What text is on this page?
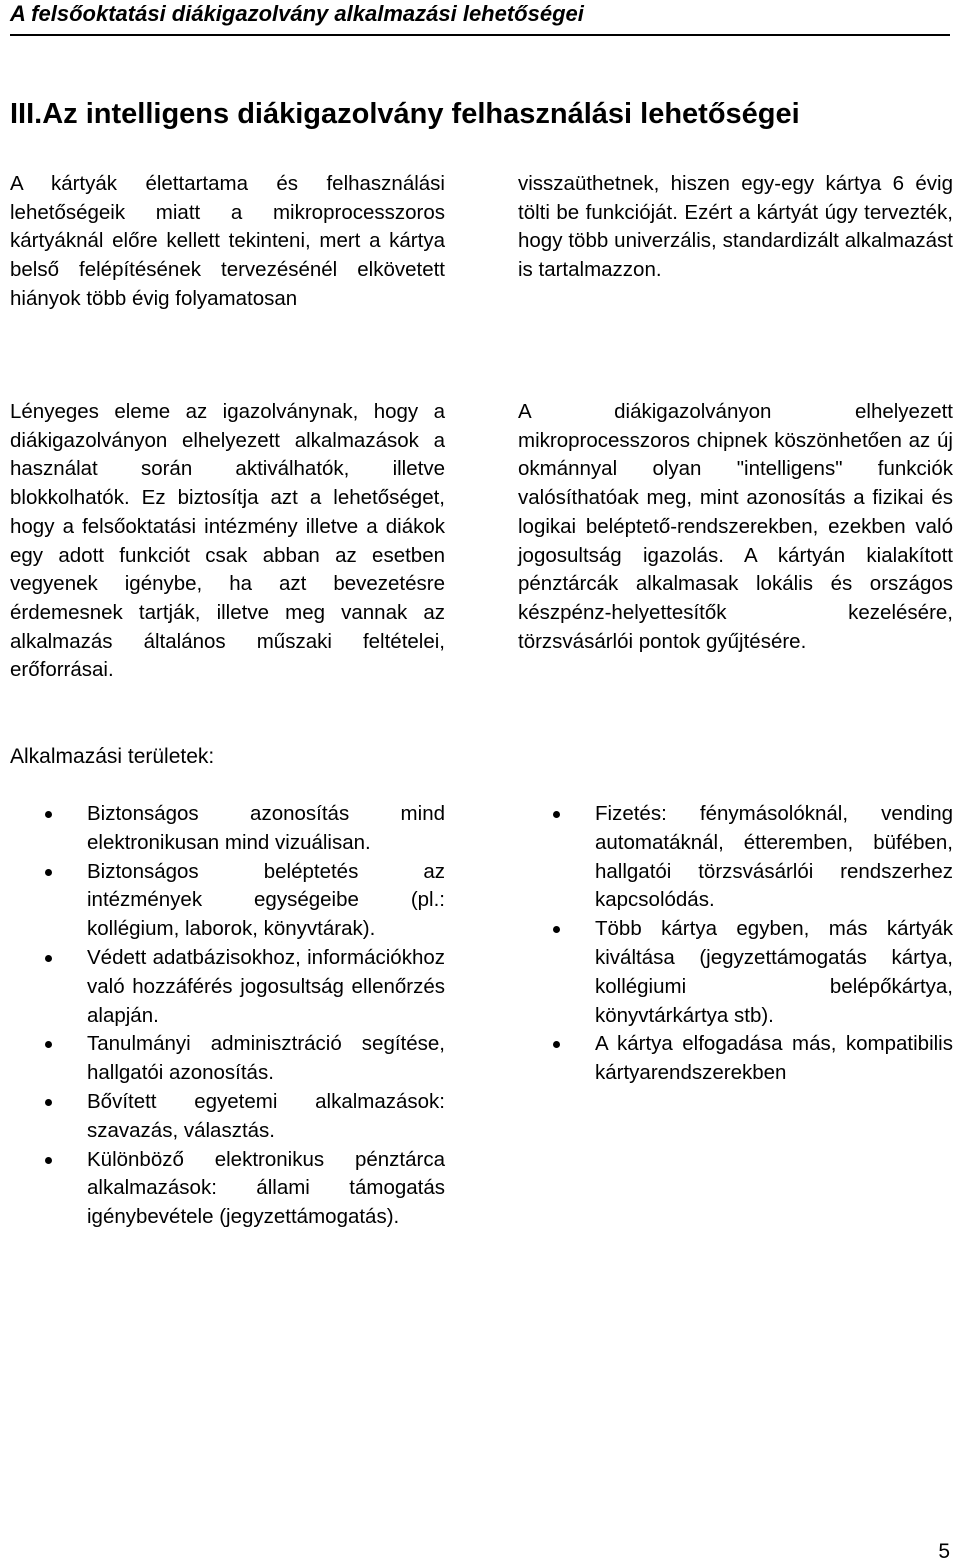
A felsőoktatási diákigazolvány alkalmazási lehetőségei
III.Az intelligens diákigazolvány felhasználási lehetőségei

A kártyák élettartama és felhasználási lehetőségeik miatt a mikroprocesszoros kártyáknál előre kellett tekinteni, mert a kártya belső felépítésének tervezésénél elkövetett hiányok több évig folyamatosan

visszaüthetnek, hiszen egy-egy kártya 6 évig tölti be funkcióját. Ezért a kártyát úgy tervezték, hogy több univerzális, standardizált alkalmazást is tartalmazzon.

Lényeges eleme az igazolványnak, hogy a diákigazolványon elhelyezett alkalmazások a használat során aktiválhatók, illetve blokkolhatók. Ez biztosítja azt a lehetőséget, hogy a felsőoktatási intézmény illetve a diákok egy adott funkciót csak abban az esetben vegyenek igénybe, ha azt bevezetésre érdemesnek tartják, illetve meg vannak az alkalmazás általános műszaki feltételei, erőforrásai.

A diákigazolványon elhelyezett mikroprocesszoros chipnek köszönhetően az új okmánnyal olyan "intelligens" funkciók valósíthatóak meg, mint azonosítás a fizikai és logikai beléptető-rendszerekben, ezekben való jogosultság igazolás. A kártyán kialakított pénztárcák alkalmasak lokális és országos készpénz-helyettesítők kezelésére, törzsvásárlói pontok gyűjtésére.

Alkalmazási területek:
Biztonságos azonosítás mind elektronikusan mind vizuálisan.
Biztonságos beléptetés az intézmények egységeibe (pl.: kollégium, laborok, könyvtárak).
Védett adatbázisokhoz, információkhoz való hozzáférés jogosultság ellenőrzés alapján.
Tanulmányi adminisztráció segítése, hallgatói azonosítás.
Bővített egyetemi alkalmazások: szavazás, választás.
Különböző elektronikus pénztárca alkalmazások: állami támogatás igénybevétele (jegyzettámogatás).
Fizetés: fénymásolóknál, vending automatáknál, étteremben, büfében, hallgatói törzsvásárlói rendszerhez kapcsolódás.
Több kártya egyben, más kártyák kiváltása (jegyzettámogatás kártya, kollégiumi belépőkártya, könyvtárkártya stb).
A kártya elfogadása más, kompatibilis kártyarendszerekben
5
